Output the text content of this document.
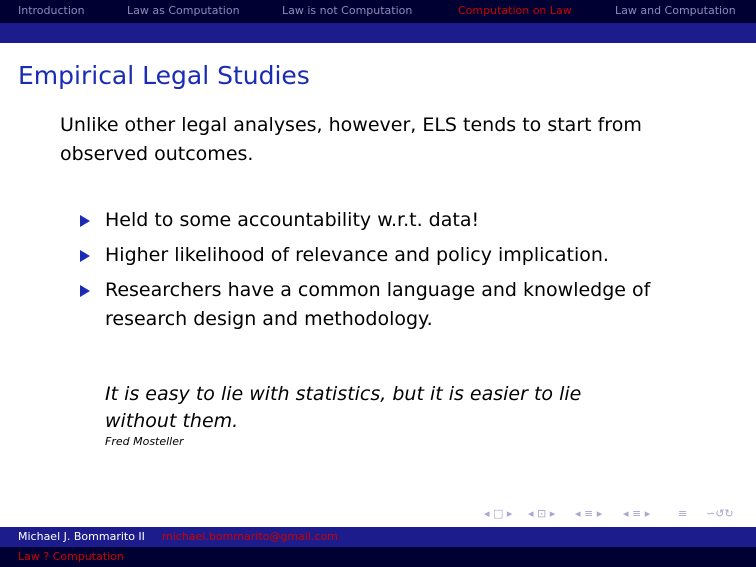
Introduction	Law as Computation	Law is not Computation	Computation on Law	Law and Computation
Empirical Legal Studies

Unlike other legal analyses, however, ELS tends to start from observed outcomes.

Held to some accountability w.r.t. data!
Higher likelihood of relevance and policy implication.
Researchers have a common language and knowledge of research design and methodology.

It is easy to lie with statistics, but it is easier to lie without them.

Fred Mosteller
◂ □ ▸ ◂ ⊡ ▸ ◂ ≡ ▸ ◂ ≡ ▸	≡ ∽↺↻
Michael J. Bommarito II michael.bommarito@gmail.com
Law ? Computation
